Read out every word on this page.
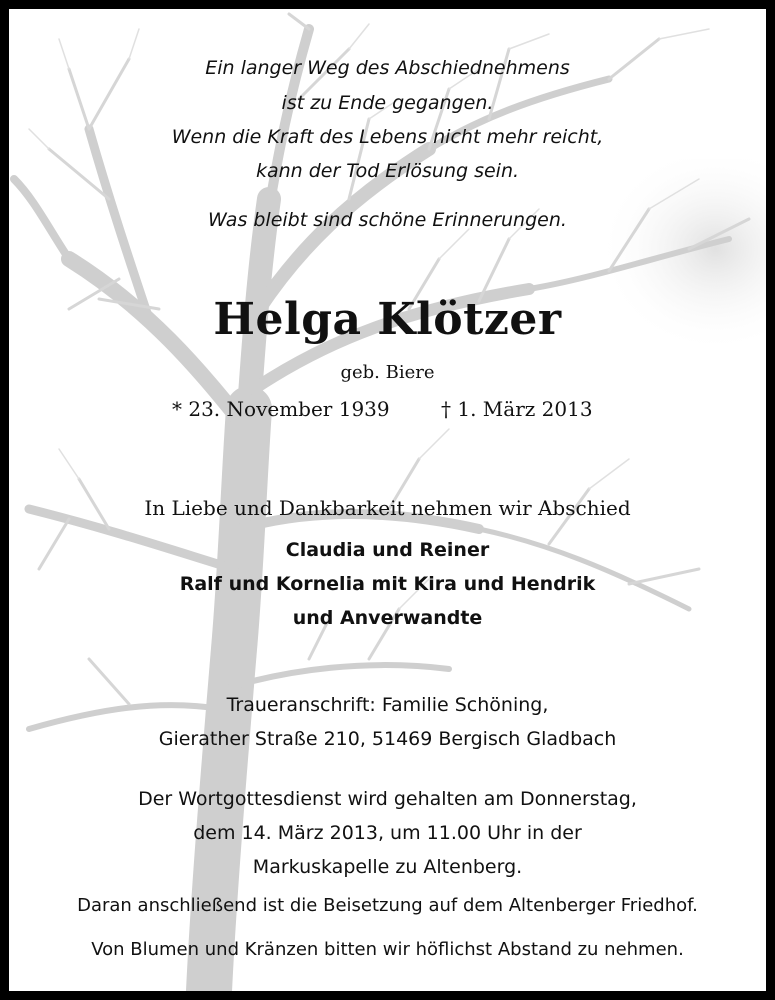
Ein langer Weg des Abschiednehmens

ist zu Ende gegangen.

Wenn die Kraft des Lebens nicht mehr reicht,

kann der Tod Erlösung sein.

Was bleibt sind schöne Erinnerungen.

Helga Klötzer

geb. Biere

* 23. November 1939	† 1. März 2013

In Liebe und Dankbarkeit nehmen wir Abschied

Claudia und Reiner

Ralf und Kornelia mit Kira und Hendrik

und Anverwandte

Traueranschrift: Familie Schöning,

Gierather Straße 210, 51469 Bergisch Gladbach

Der Wortgottesdienst wird gehalten am Donnerstag,

dem 14. März 2013, um 11.00 Uhr in der

Markuskapelle zu Altenberg.

Daran anschließend ist die Beisetzung auf dem Altenberger Friedhof.

Von Blumen und Kränzen bitten wir höflichst Abstand zu nehmen.
